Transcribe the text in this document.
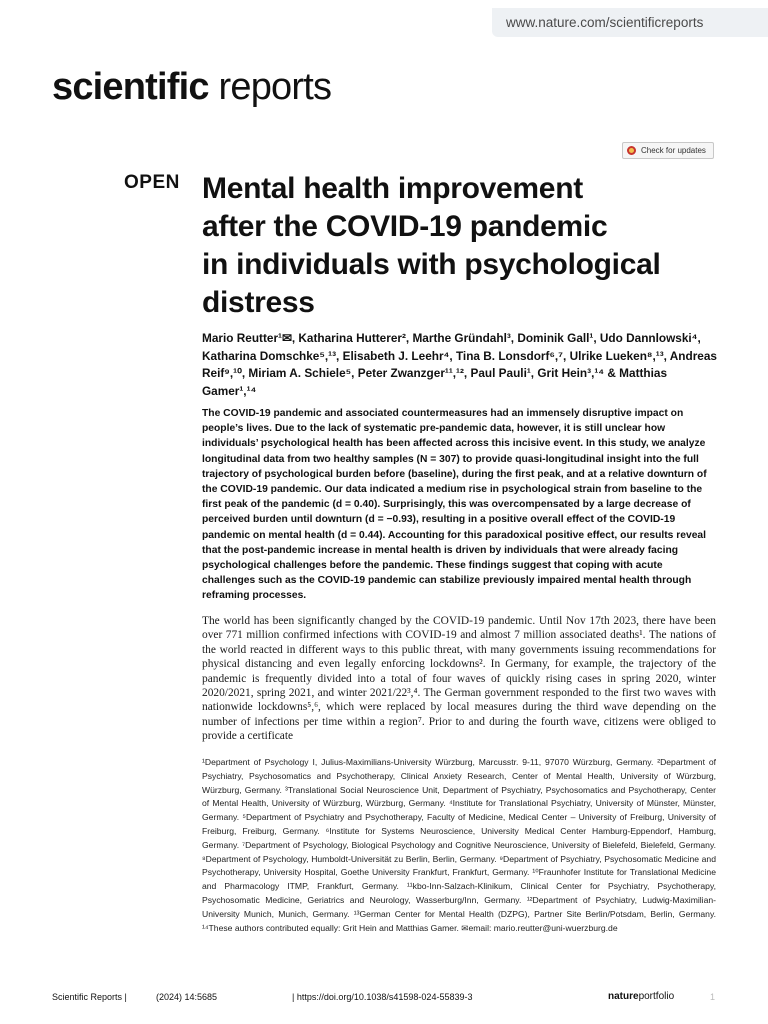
www.nature.com/scientificreports
scientific reports
Check for updates
OPEN Mental health improvement
after the COVID-19 pandemic
in individuals with psychological
distress

Mario Reutter¹✉, Katharina Hutterer², Marthe Gründahl³, Dominik Gall¹, Udo Dannlowski⁴, Katharina Domschke⁵,¹³, Elisabeth J. Leehr⁴, Tina B. Lonsdorf⁶,⁷, Ulrike Lueken⁸,¹³, Andreas Reif⁹,¹⁰, Miriam A. Schiele⁵, Peter Zwanzger¹¹,¹², Paul Pauli¹, Grit Hein³,¹⁴ & Matthias Gamer¹,¹⁴

The COVID-19 pandemic and associated countermeasures had an immensely disruptive impact on people’s lives. Due to the lack of systematic pre-pandemic data, however, it is still unclear how individuals’ psychological health has been affected across this incisive event. In this study, we analyze longitudinal data from two healthy samples (N = 307) to provide quasi-longitudinal insight into the full trajectory of psychological burden before (baseline), during the first peak, and at a relative downturn of the COVID-19 pandemic. Our data indicated a medium rise in psychological strain from baseline to the first peak of the pandemic (d = 0.40). Surprisingly, this was overcompensated by a large decrease of perceived burden until downturn (d = −0.93), resulting in a positive overall effect of the COVID-19 pandemic on mental health (d = 0.44). Accounting for this paradoxical positive effect, our results reveal that the post-pandemic increase in mental health is driven by individuals that were already facing psychological challenges before the pandemic. These findings suggest that coping with acute challenges such as the COVID-19 pandemic can stabilize previously impaired mental health through reframing processes.

The world has been significantly changed by the COVID-19 pandemic. Until Nov 17th 2023, there have been over 771 million confirmed infections with COVID-19 and almost 7 million associated deaths¹. The nations of the world reacted in different ways to this public threat, with many governments issuing recommendations for physical distancing and even legally enforcing lockdowns². In Germany, for example, the trajectory of the pandemic is frequently divided into a total of four waves of quickly rising cases in spring 2020, winter 2020/2021, spring 2021, and winter 2021/22³,⁴. The German government responded to the first two waves with nationwide lockdowns⁵,⁶, which were replaced by local measures during the third wave depending on the number of infections per time within a region⁷. Prior to and during the fourth wave, citizens were obliged to provide a certificate

¹Department of Psychology I, Julius-Maximilians-University Würzburg, Marcusstr. 9-11, 97070 Würzburg, Germany. ²Department of Psychiatry, Psychosomatics and Psychotherapy, Clinical Anxiety Research, Center of Mental Health, University of Würzburg, Würzburg, Germany. ³Translational Social Neuroscience Unit, Department of Psychiatry, Psychosomatics and Psychotherapy, Center of Mental Health, University of Würzburg, Würzburg, Germany. ⁴Institute for Translational Psychiatry, University of Münster, Münster, Germany. ⁵Department of Psychiatry and Psychotherapy, Faculty of Medicine, Medical Center – University of Freiburg, University of Freiburg, Freiburg, Germany. ⁶Institute for Systems Neuroscience, University Medical Center Hamburg-Eppendorf, Hamburg, Germany. ⁷Department of Psychology, Biological Psychology and Cognitive Neuroscience, University of Bielefeld, Bielefeld, Germany. ⁸Department of Psychology, Humboldt-Universität zu Berlin, Berlin, Germany. ⁹Department of Psychiatry, Psychosomatic Medicine and Psychotherapy, University Hospital, Goethe University Frankfurt, Frankfurt, Germany. ¹⁰Fraunhofer Institute for Translational Medicine and Pharmacology ITMP, Frankfurt, Germany. ¹¹kbo-Inn-Salzach-Klinikum, Clinical Center for Psychiatry, Psychotherapy, Psychosomatic Medicine, Geriatrics and Neurology, Wasserburg/Inn, Germany. ¹²Department of Psychiatry, Ludwig-Maximilian-University Munich, Munich, Germany. ¹³German Center for Mental Health (DZPG), Partner Site Berlin/Potsdam, Berlin, Germany. ¹⁴These authors contributed equally: Grit Hein and Matthias Gamer. ✉email: mario.reutter@uni-wuerzburg.de

Scientific Reports |	(2024) 14:5685	| https://doi.org/10.1038/s41598-024-55839-3	natureportfolio	1
